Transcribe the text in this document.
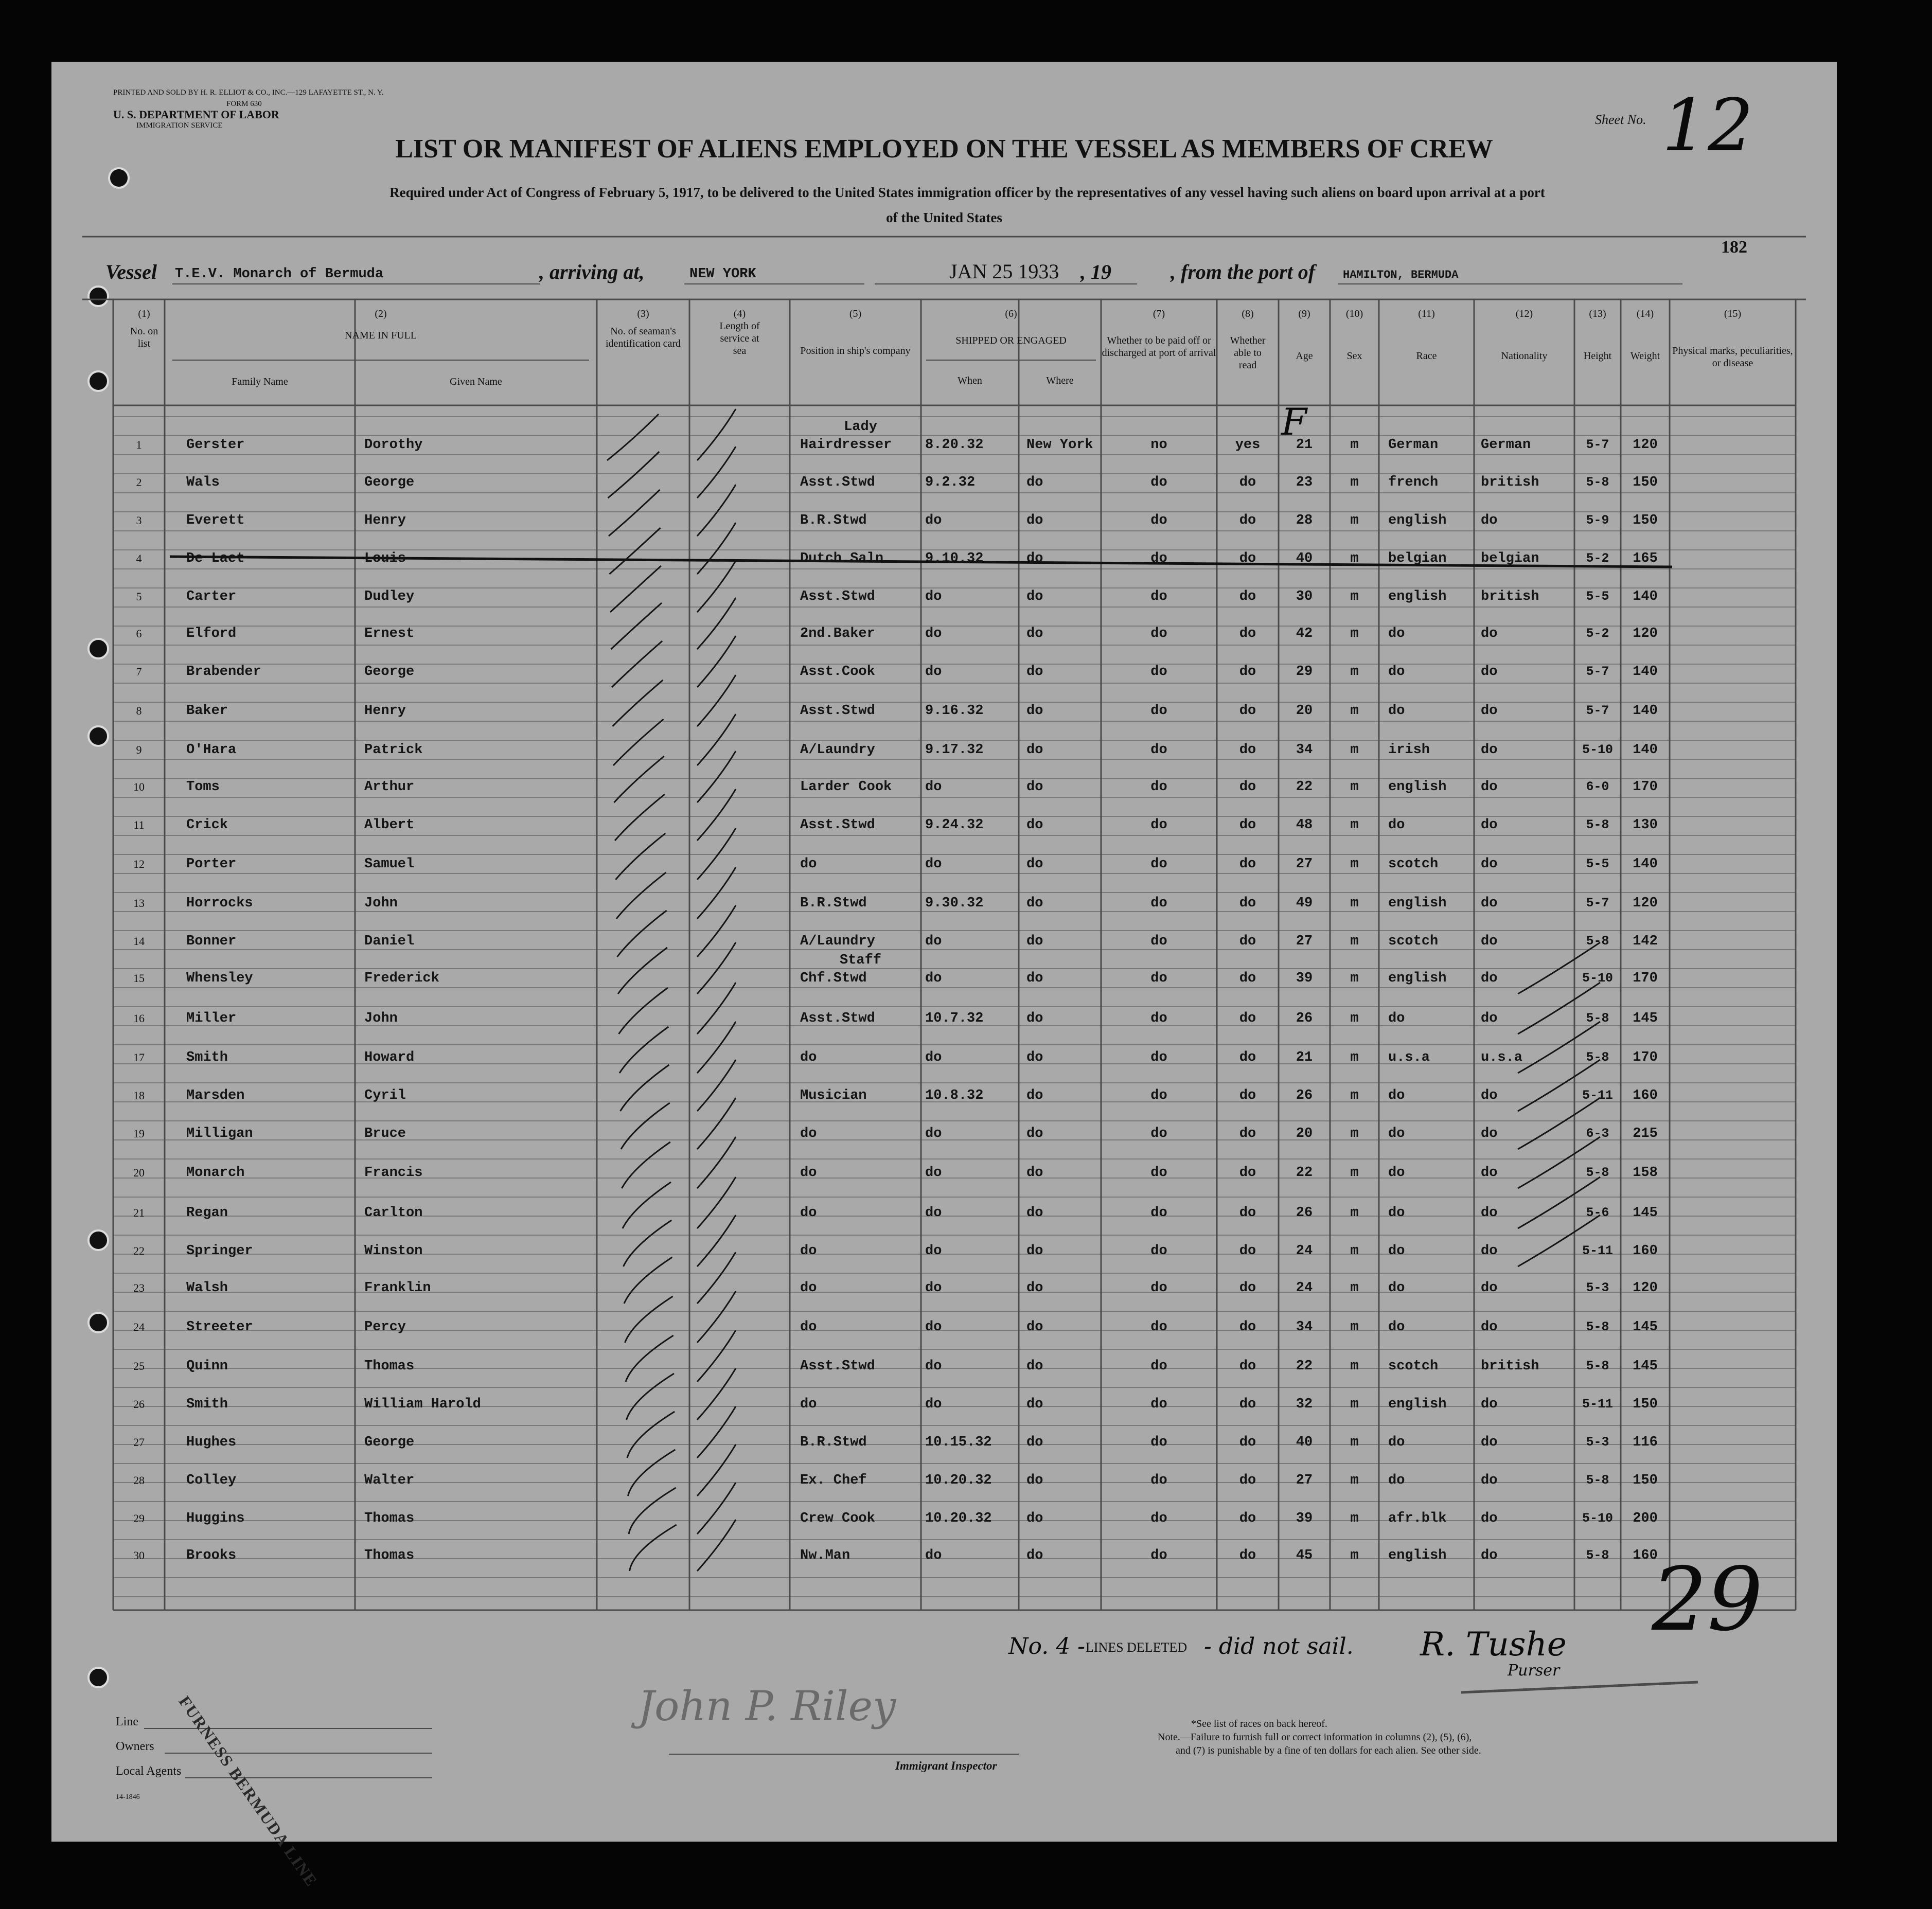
PRINTED AND SOLD BY H. R. ELLIOT & CO., INC.—129 LAFAYETTE ST., N. Y.
FORM 630
U. S. DEPARTMENT OF LABOR
IMMIGRATION SERVICE	Sheet No. 12
LIST OR MANIFEST OF ALIENS EMPLOYED ON THE VESSEL AS MEMBERS OF CREW
Required under Act of Congress of February 5, 1917, to be delivered to the United States immigration officer by the representatives of any vessel having such aliens on board upon arrival at a port
of the United States
182
Vessel T.E.V. Monarch of Bermuda	, arriving at,	NEW YORK	JAN 25 1933 , 19	, from the port of HAMILTON, BERMUDA
(1)
No. on list
(2)
NAME IN FULL
Family Name	Given Name
(3)
No. of seaman's identification card
(4)
Length of service at sea
(5)
Position in ship's company
(6)
SHIPPED OR ENGAGED
When	Where
(7)
Whether to be paid off or discharged at port of arrival
(8)
Whether able to read
(9)
Age
(10)
Sex
(11)
Race
(12)
Nationality
(13)
Height
(14)
Weight
(15)
Physical marks, peculiarities, or disease
1	Gerster	Dorothy	Hairdresser	8.20.32	New York	no	yes	21	m	German	German	5-7	120
Lady
2	Wals	George	Asst.Stwd	9.2.32	do	do	do	23	m	french	british	5-8	150
3	Everett	Henry	B.R.Stwd	do	do	do	do	28	m	english	do	5-9	150
4	De Laet	Louis	Dutch.Saln	9.10.32	do	do	do	40	m	belgian	belgian	5-2	165
5	Carter	Dudley	Asst.Stwd	do	do	do	do	30	m	english	british	5-5	140
6	Elford	Ernest	2nd.Baker	do	do	do	do	42	m	do	do	5-2	120
7	Brabender	George	Asst.Cook	do	do	do	do	29	m	do	do	5-7	140
8	Baker	Henry	Asst.Stwd	9.16.32	do	do	do	20	m	do	do	5-7	140
9	O'Hara	Patrick	A/Laundry	9.17.32	do	do	do	34	m	irish	do	5-10	140
10	Toms	Arthur	Larder Cook	do	do	do	do	22	m	english	do	6-0	170
11	Crick	Albert	Asst.Stwd	9.24.32	do	do	do	48	m	do	do	5-8	130
12	Porter	Samuel	do	do	do	do	do	27	m	scotch	do	5-5	140
13	Horrocks	John	B.R.Stwd	9.30.32	do	do	do	49	m	english	do	5-7	120
14	Bonner	Daniel	A/Laundry	do	do	do	do	27	m	scotch	do	5-8	142
15	Whensley	Frederick	Chf.Stwd	do	do	do	do	39	m	english	do	5-10	170
Staff
16	Miller	John	Asst.Stwd	10.7.32	do	do	do	26	m	do	do	5-8	145
17	Smith	Howard	do	do	do	do	do	21	m	u.s.a	u.s.a	5-8	170
18	Marsden	Cyril	Musician	10.8.32	do	do	do	26	m	do	do	5-11	160
19	Milligan	Bruce	do	do	do	do	do	20	m	do	do	6-3	215
20	Monarch	Francis	do	do	do	do	do	22	m	do	do	5-8	158
21	Regan	Carlton	do	do	do	do	do	26	m	do	do	5-6	145
22	Springer	Winston	do	do	do	do	do	24	m	do	do	5-11	160
23	Walsh	Franklin	do	do	do	do	do	24	m	do	do	5-3	120
24	Streeter	Percy	do	do	do	do	do	34	m	do	do	5-8	145
25	Quinn	Thomas	Asst.Stwd	do	do	do	do	22	m	scotch	british	5-8	145
26	Smith	William Harold	do	do	do	do	do	32	m	english	do	5-11	150
27	Hughes	George	B.R.Stwd	10.15.32	do	do	do	40	m	do	do	5-3	116
28	Colley	Walter	Ex. Chef	10.20.32	do	do	do	27	m	do	do	5-8	150
29	Huggins	Thomas	Crew Cook	10.20.32	do	do	do	39	m	afr.blk	do	5-10	200
30	Brooks	Thomas	Nw.Man	do	do	do	do	45	m	english	do	5-8	160
F
No. 4 - LINES DELETED - did not sail. R. Tushe
Purser
29
Line
Owners
Local Agents
14-1846 FURNESS BERMUDA LINE	John P. Riley
Immigrant Inspector
*See list of races on back hereof.
Note.—Failure to furnish full or correct information in columns (2), (5), (6),
and (7) is punishable by a fine of ten dollars for each alien. See other side.
